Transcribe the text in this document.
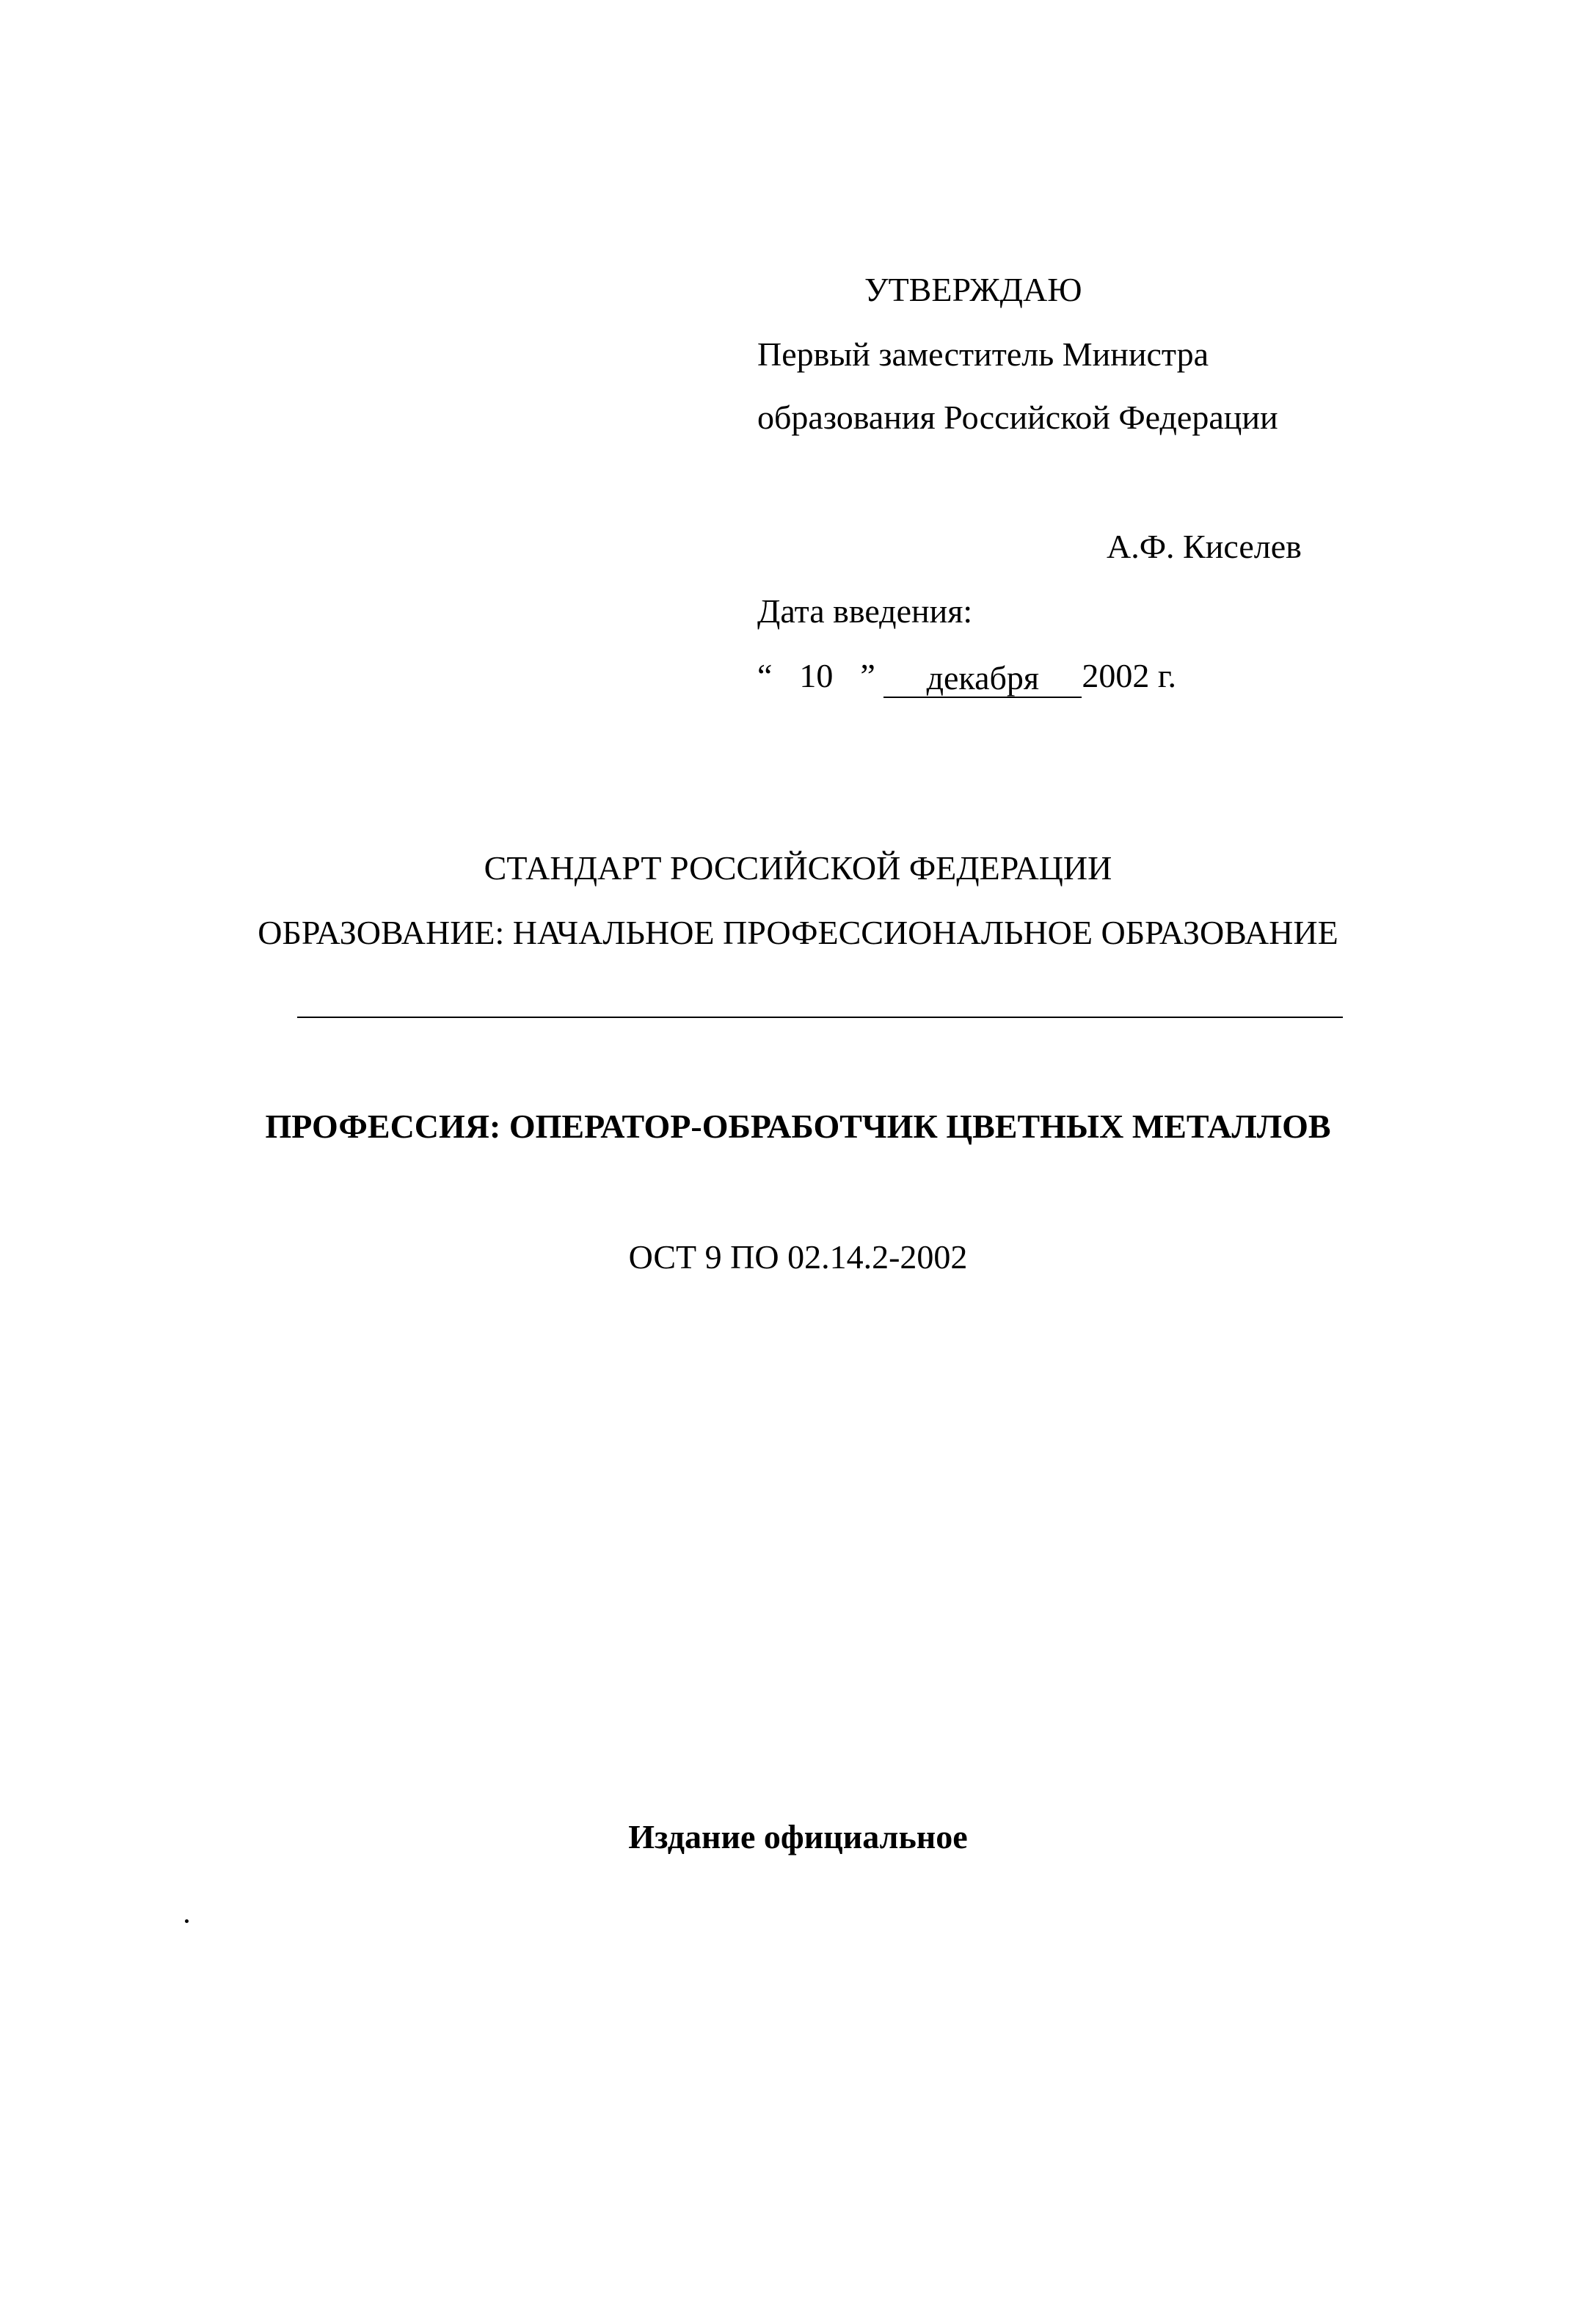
УТВЕРЖДАЮ
Первый заместитель Министра
образования Российской Федерации
А.Ф. Киселев
Дата введения:
“ 10 ” декабря 2002 г.
СТАНДАРТ РОССИЙСКОЙ ФЕДЕРАЦИИ
ОБРАЗОВАНИЕ: НАЧАЛЬНОЕ ПРОФЕССИОНАЛЬНОЕ ОБРАЗОВАНИЕ
ПРОФЕССИЯ: ОПЕРАТОР-ОБРАБОТЧИК ЦВЕТНЫХ МЕТАЛЛОВ
ОСТ 9 ПО 02.14.2-2002
Издание официальное
